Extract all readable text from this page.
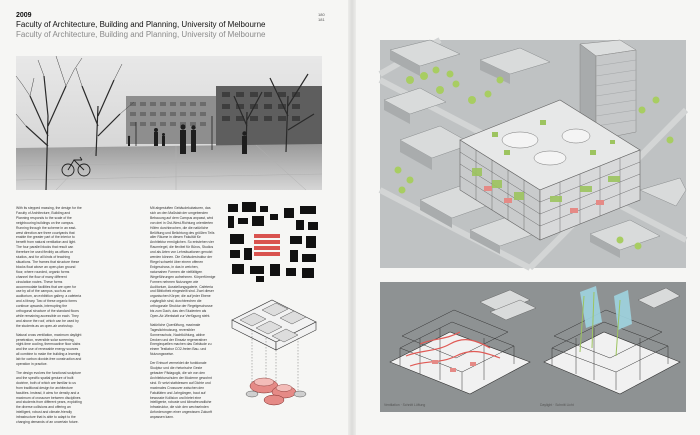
2009
Faculty of Architecture, Building and Planning, University of Melbourne
Faculty of Architecture, Building and Planning, University of Melbourne
180
181

With its stepped massing, the design for the Faculty of Architecture, Building and Planning responds to the scale of the neighbouring buildings on the campus. Running through the scheme in an east-west direction are three courtyards that enable the greater part of the interior to benefit from natural ventilation and light. The four parallel blocks that result can therefore be used flexibly as offices or studios, and for all kinds of teaching situations. The frames that structure these blocks float above an open-plan ground floor, where rounded, organic forms channel the flow of many different circulation routes. These forms accommodate facilities that are open for use by all of the campus, such as an auditorium, an exhibition gallery, a cafeteria and a library. Two of these organic forms continue upwards, interrupting the orthogonal structure of the standard floors while remaining accessible on each. They and above the roof, which can be used by the students as an open-air workshop.

Natural cross ventilation, maximum daylight penetration, reversible solar screening, night-time cooling, thermoactive floor slabs and the use of renewable energy sources all combine to make the building a learning lab for carbon dioxide-free construction and operation in practice.

The design evolves the functional sculpture and the specific spatial gesture of built doctrine, both of which are familiar to us from traditional design for architecture faculties. Instead, it aims for density and a maximum of crossover between disciplines and students from different years, exploiting the diverse collisions and offering an intelligent, robust and climate-friendly infrastructure that is able to adapt to the changing demands of an uncertain future.

Mit abgestuften Gebäudekubaturen, das sich an den Maßstab der umgebenden Bebauung auf dem Campus anpasst, wird von drei in Ost-West-Richtung orientierten Höfen durchbrochen, die die natürliche Belüftung und Belichtung des größten Teils aller Räume in diesen Fakultät für Architektur ermöglichen. So entstehen vier Raumriegel, die flexibel für Büros, Studios und als Arten von Lehrsituationen genutzt werden können. Die Gebäudestruktur der Riegel schwebt über einem offenen Erdgeschoss, in das in weichen, naturnahen Formen die vielfältigen Wegeführungen aufnehmen. Körperförmige Formen nehmen Nutzungen wie Auditorium, Ausstellungsgalerie, Cafeteria und Bibliothek eingestellt sind. Zwei dieser organischen Körper, die auf jeder Ebene zugänglich sind, durchbrechen die orthogonale Struktur der Regelgeschosse bis zum Dach, das den Studenten als Open-Air-Werkstatt zur Verfügung steht.

Natürliche Querlüftung, maximale Tageslichtnutzung, reversibler Sonnenschutz, Nachtkühlung, aktive Decken und der Einsatz regenerativer Energiequellen machen das Gebäude zu einem Testlabor CO2-freien Bau- und Nutzungsweise.

Der Entwurf vermeidet die funktionale Skulptur und die rhetorische Geste gebauter Pädagogik, die wir von den Architekturschulen der Moderne gewohnt sind. Er setzt stattdessen auf Dichte und maximales Crossover zwischen den Fakultäten und Jahrgängen, baut auf bewusste Kollision und bietet eine intelligente, robuste und klimafreundliche Infrastruktur, die sich den wechselnden Anforderungen einer ungewissen Zukunft anpassen kann.

Ventilation · Schnitt Lüftung	Daylight · Schnitt Licht
